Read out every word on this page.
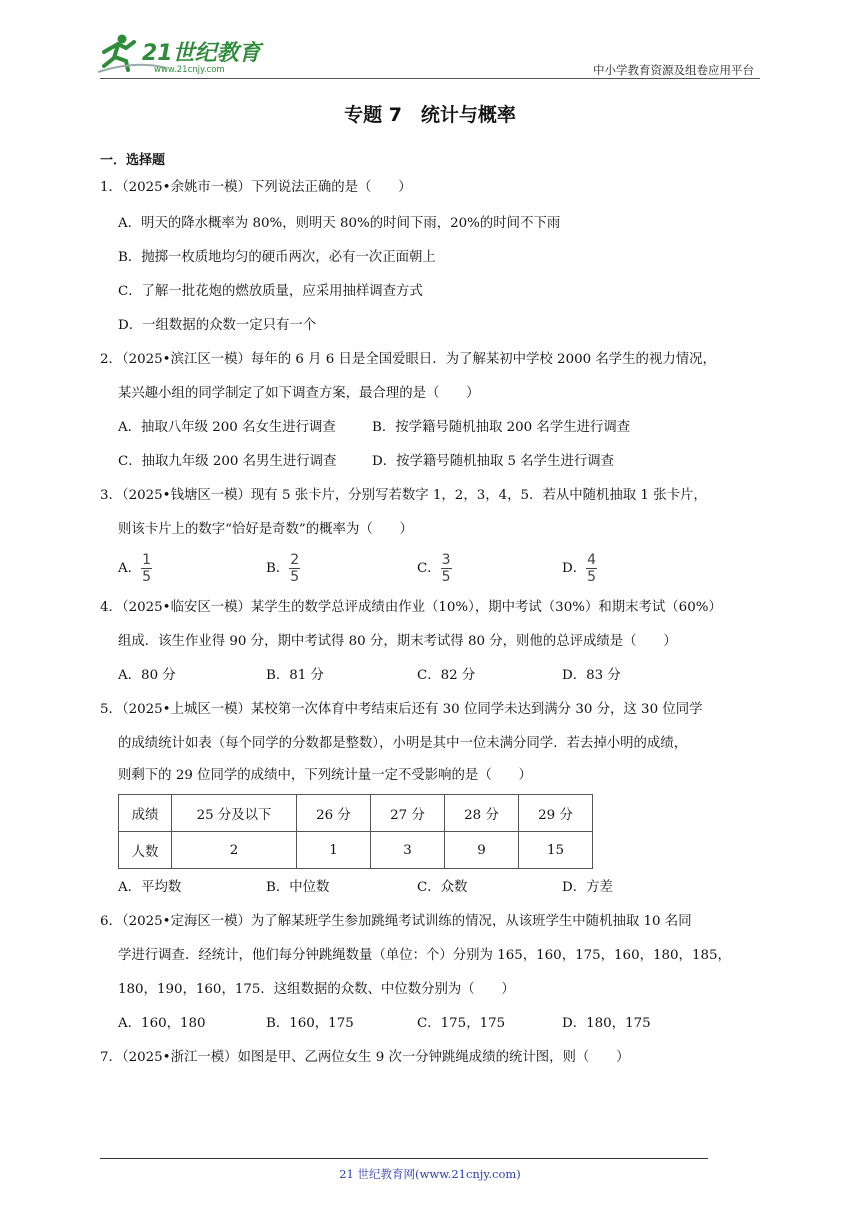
21世纪教育
www.21cnjy.com	中小学教育资源及组卷应用平台
专题 7　统计与概率
一．选择题
1．（2025•余姚市一模）下列说法正确的是（　　）
A．明天的降水概率为 80%，则明天 80%的时间下雨，20%的时间不下雨
B．抛掷一枚质地均匀的硬币两次，必有一次正面朝上
C．了解一批花炮的燃放质量，应采用抽样调查方式
D．一组数据的众数一定只有一个
2．（2025•滨江区一模）每年的 6 月 6 日是全国爱眼日．为了解某初中学校 2000 名学生的视力情况，
某兴趣小组的同学制定了如下调查方案，最合理的是（　　）
A．抽取八年级 200 名女生进行调查	B．按学籍号随机抽取 200 名学生进行调查
C．抽取九年级 200 名男生进行调查	D．按学籍号随机抽取 5 名学生进行调查
3．（2025•钱塘区一模）现有 5 张卡片，分别写若数字 1，2，3，4，5．若从中随机抽取 1 张卡片，
则该卡片上的数字“恰好是奇数”的概率为（　　）
A． $\frac{1}{5}$	B． $\frac{2}{5}$	C． $\frac{3}{5}$	D． $\frac{4}{5}$
4．（2025•临安区一模）某学生的数学总评成绩由作业（10%），期中考试（30%）和期末考试（60%）
组成．该生作业得 90 分，期中考试得 80 分，期末考试得 80 分，则他的总评成绩是（　　）
A．80 分	B．81 分	C．82 分	D．83 分
5．（2025•上城区一模）某校第一次体育中考结束后还有 30 位同学未达到满分 30 分，这 30 位同学
的成绩统计如表（每个同学的分数都是整数），小明是其中一位未满分同学．若去掉小明的成绩，
则剩下的 29 位同学的成绩中，下列统计量一定不受影响的是（　　）
成绩	25 分及以下	26 分	27 分	28 分	29 分
人数	2	1	3	9	15
A．平均数	B．中位数	C．众数	D．方差
6．（2025•定海区一模）为了解某班学生参加跳绳考试训练的情况，从该班学生中随机抽取 10 名同
学进行调查．经统计，他们每分钟跳绳数量（单位：个）分别为 165，160，175，160，180，185，
180，190，160，175．这组数据的众数、中位数分别为（　　）
A．160，180	B．160，175	C．175，175	D．180，175
7．（2025•浙江一模）如图是甲、乙两位女生 9 次一分钟跳绳成绩的统计图，则（　　）
21 世纪教育网(www.21cnjy.com)
